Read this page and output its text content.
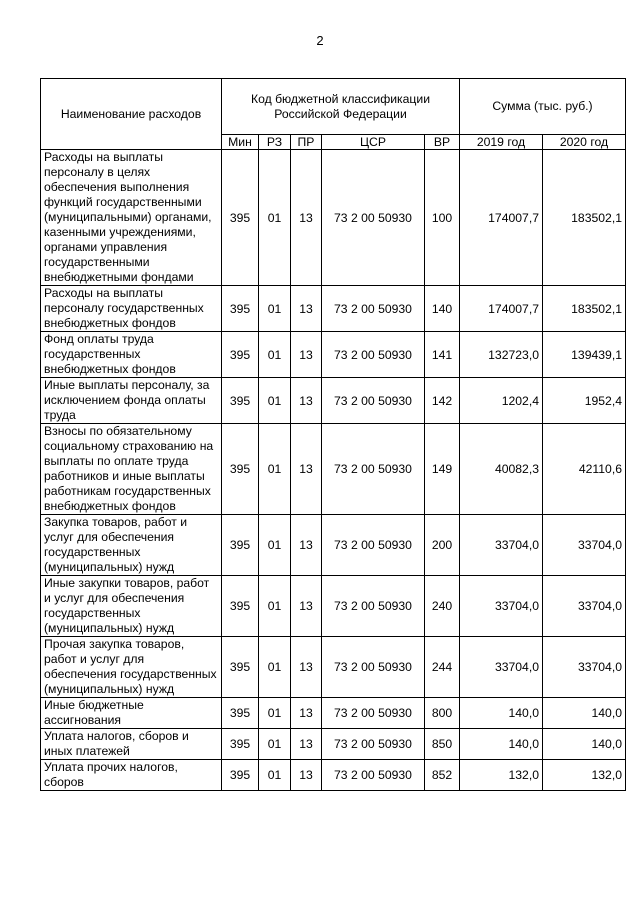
2
Наименование расходов	Код бюджетной классификации Российской Федерации					Сумма (тыс. руб.)	
	Мин	РЗ	ПР	ЦСР	ВР	2019 год	2020 год
Расходы на выплаты персоналу в целях обеспечения выполнения функций государственными (муниципальными) органами, казенными учреждениями, органами управления государственными внебюджетными фондами	395	01	13	73 2 00 50930	100	174007,7	183502,1
Расходы на выплаты персоналу государственных внебюджетных фондов	395	01	13	73 2 00 50930	140	174007,7	183502,1
Фонд оплаты труда государственных внебюджетных фондов	395	01	13	73 2 00 50930	141	132723,0	139439,1
Иные выплаты персоналу, за исключением фонда оплаты труда	395	01	13	73 2 00 50930	142	1202,4	1952,4
Взносы по обязательному социальному страхованию на выплаты по оплате труда работников и иные выплаты работникам государственных внебюджетных фондов	395	01	13	73 2 00 50930	149	40082,3	42110,6
Закупка товаров, работ и услуг для обеспечения государственных (муниципальных) нужд	395	01	13	73 2 00 50930	200	33704,0	33704,0
Иные закупки товаров, работ и услуг для обеспечения государственных (муниципальных) нужд	395	01	13	73 2 00 50930	240	33704,0	33704,0
Прочая закупка товаров, работ и услуг для обеспечения государственных (муниципальных) нужд	395	01	13	73 2 00 50930	244	33704,0	33704,0
Иные бюджетные ассигнования	395	01	13	73 2 00 50930	800	140,0	140,0
Уплата налогов, сборов и иных платежей	395	01	13	73 2 00 50930	850	140,0	140,0
Уплата прочих налогов, сборов	395	01	13	73 2 00 50930	852	132,0	132,0
